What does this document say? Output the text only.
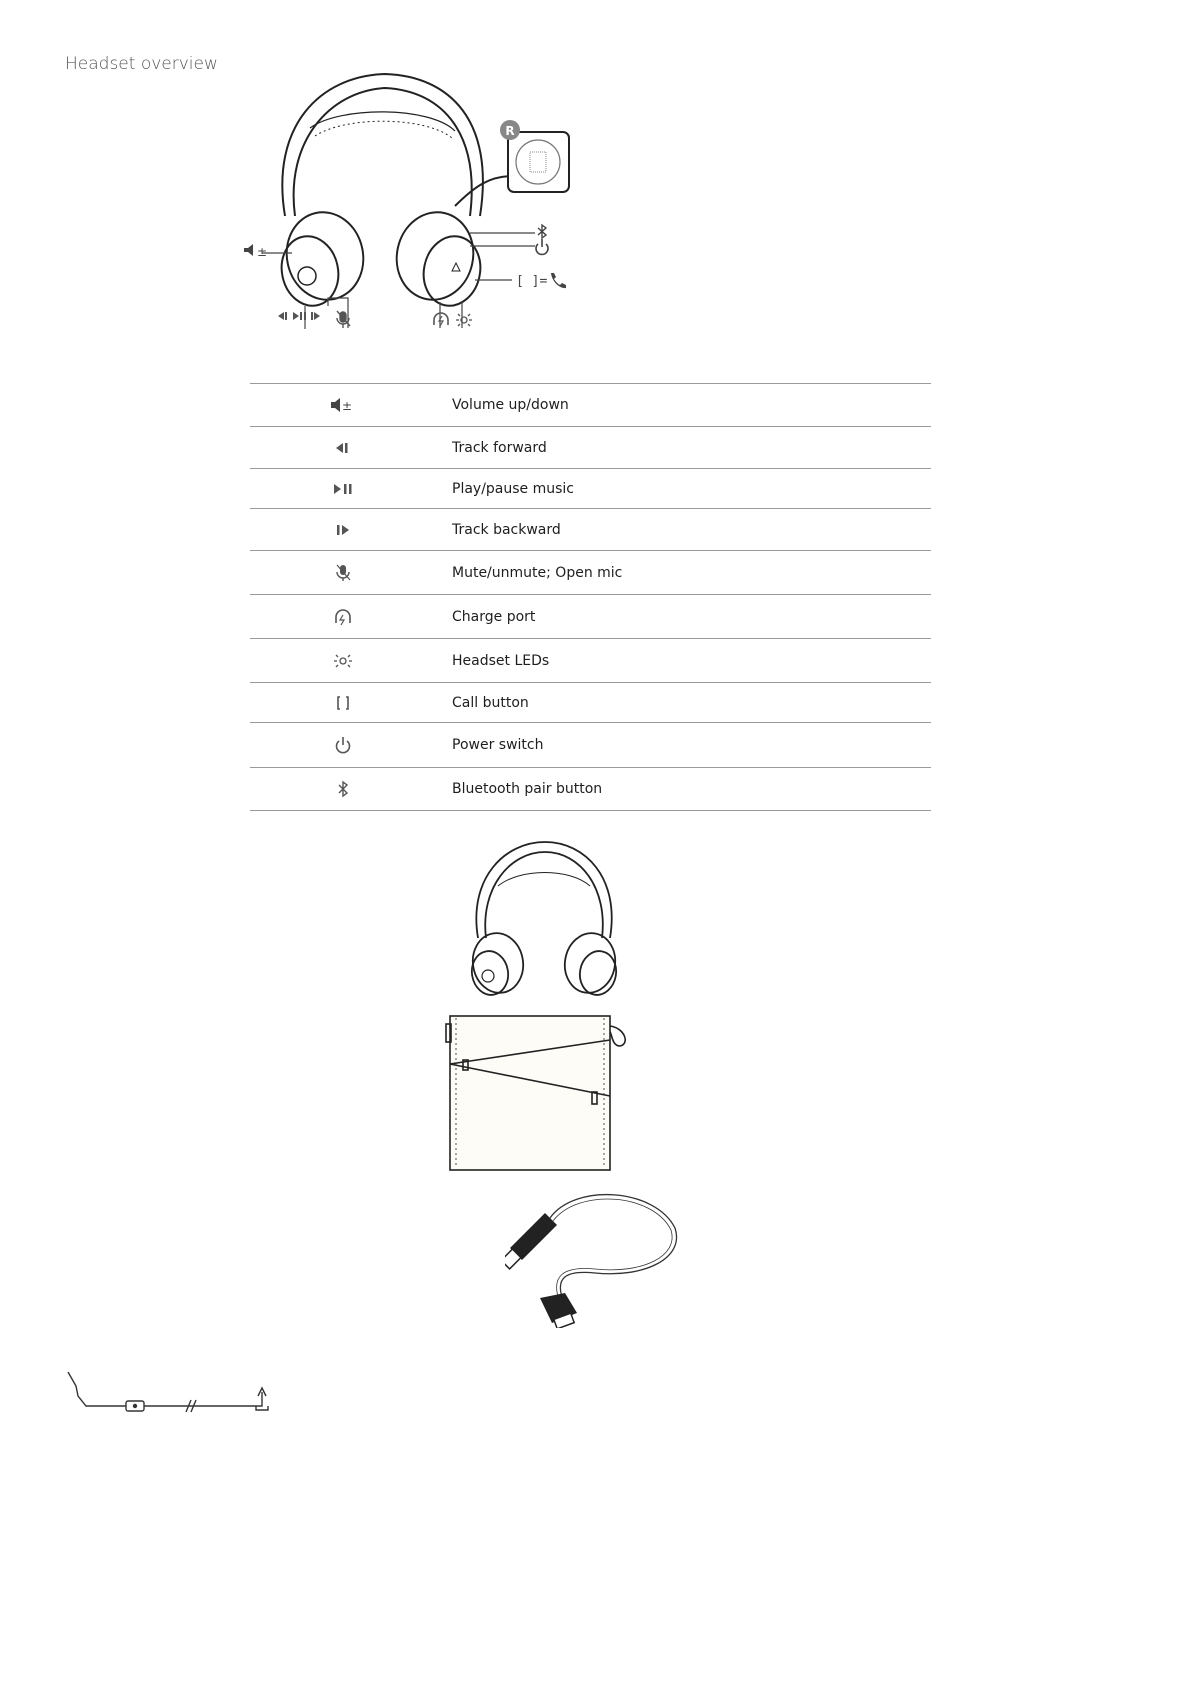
Headset overview
R
±
[ ]=
±	Volume up/down
	Track forward
	Play/pause music
	Track backward
	Mute/unmute; Open mic
	Charge port
	Headset LEDs
	Call button
	Power switch
	Bluetooth pair button
